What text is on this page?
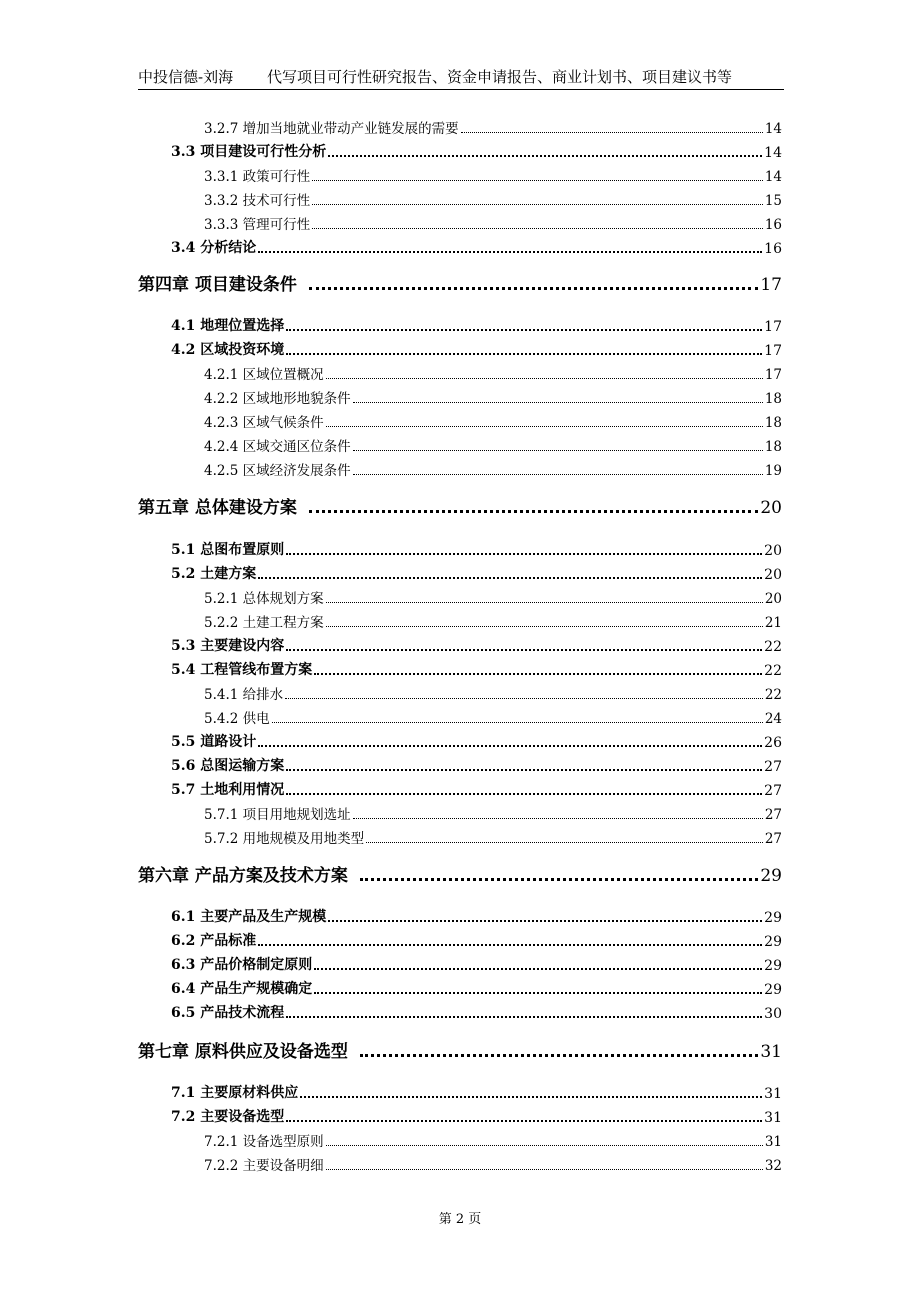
中投信德-刘海 代写项目可行性研究报告、资金申请报告、商业计划书、项目建议书等
3.2.7 增加当地就业带动产业链发展的需要	14
3.3 项目建设可行性分析	14
3.3.1 政策可行性	14
3.3.2 技术可行性	15
3.3.3 管理可行性	16
3.4 分析结论	16
第四章 项目建设条件	17
4.1 地理位置选择	17
4.2 区域投资环境	17
4.2.1 区域位置概况	17
4.2.2 区域地形地貌条件	18
4.2.3 区域气候条件	18
4.2.4 区域交通区位条件	18
4.2.5 区域经济发展条件	19
第五章 总体建设方案	20
5.1 总图布置原则	20
5.2 土建方案	20
5.2.1 总体规划方案	20
5.2.2 土建工程方案	21
5.3 主要建设内容	22
5.4 工程管线布置方案	22
5.4.1 给排水	22
5.4.2 供电	24
5.5 道路设计	26
5.6 总图运输方案	27
5.7 土地利用情况	27
5.7.1 项目用地规划选址	27
5.7.2 用地规模及用地类型	27
第六章 产品方案及技术方案	29
6.1 主要产品及生产规模	29
6.2 产品标准	29
6.3 产品价格制定原则	29
6.4 产品生产规模确定	29
6.5 产品技术流程	30
第七章 原料供应及设备选型	31
7.1 主要原材料供应	31
7.2 主要设备选型	31
7.2.1 设备选型原则	31
7.2.2 主要设备明细	32
第 2 页
